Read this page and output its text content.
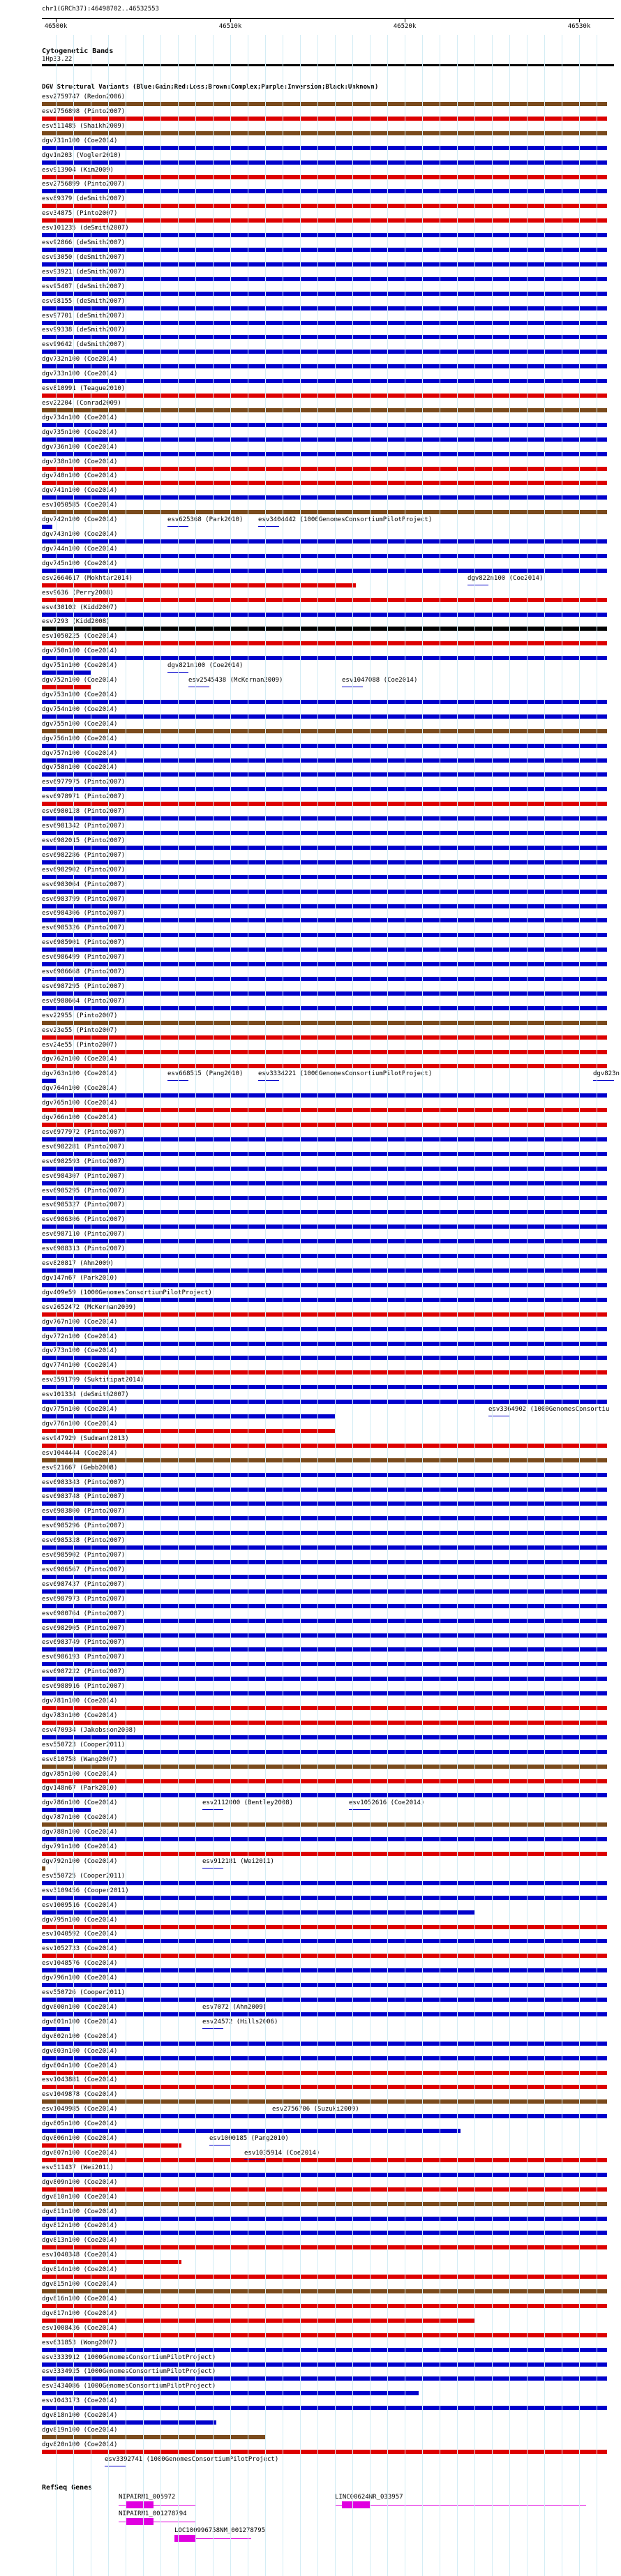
chr1(GRCh37):46498702..46532553
46500k	46510k	46520k	46530k
Cytogenetic Bands
1Hp33.22
DGV Structural Variants (Blue:Gain;Red:Loss;Brown:Complex;Purple:Inversion;Black:Unknown)
esv2759747 (Redon2006)
esv2756898 (Pinto2007)
esv511485 (Shaikh2009)
dgv731n100 (Coe2014)
dgv1n203 (Vogler2010)
esv913904 (Kim2009)
esv2756899 (Pinto2007)
esv89379 (deSmith2007)
esv34875 (Pinto2007)
esv101235 (deSmith2007)
esv92866 (deSmith2007)
esv93050 (deSmith2007)
esv93921 (deSmith2007)
esv95407 (deSmith2007)
esv98155 (deSmith2007)
esv97701 (deSmith2007)
esv99338 (deSmith2007)
esv99642 (deSmith2007)
dgv732n100 (Coe2014)
dgv733n100 (Coe2014)
esv810991 (Teague2010)
esv22204 (Conrad2009)
dgv734n100 (Coe2014)
dgv735n100 (Coe2014)
dgv736n100 (Coe2014)
dgv738n100 (Coe2014)
dgv740n100 (Coe2014)
dgv741n100 (Coe2014)
esv1050585 (Coe2014)
dgv742n100 (Coe2014)
dgv743n100 (Coe2014)
dgv744n100 (Coe2014)
dgv745n100 (Coe2014)
esv2664617 (Mokhtar2014)
esv9636 (Perry2008)
esv430102 (Kidd2007)
esv7293 (Kidd2008)
esv1050225 (Coe2014)
dgv750n100 (Coe2014)
dgv751n100 (Coe2014)
dgv752n100 (Coe2014)
dgv753n100 (Coe2014)
dgv754n100 (Coe2014)
dgv755n100 (Coe2014)
dgv756n100 (Coe2014)
dgv757n100 (Coe2014)
dgv758n100 (Coe2014)
esv6977975 (Pinto2007)
esv6978971 (Pinto2007)
esv6980128 (Pinto2007)
esv6981342 (Pinto2007)
esv6982015 (Pinto2007)
esv6982286 (Pinto2007)
esv6982902 (Pinto2007)
esv6983064 (Pinto2007)
esv6983799 (Pinto2007)
esv6984306 (Pinto2007)
esv6985326 (Pinto2007)
esv6985901 (Pinto2007)
esv6986499 (Pinto2007)
esv6986668 (Pinto2007)
esv6987295 (Pinto2007)
esv6988664 (Pinto2007)
esv22955 (Pinto2007)
esv23e55 (Pinto2007)
esv24e55 (Pinto2007)
dgv762n100 (Coe2014)
dgv763n100 (Coe2014)
dgv764n100 (Coe2014)
dgv765n100 (Coe2014)
dgv766n100 (Coe2014)
esv6977972 (Pinto2007)
esv6982281 (Pinto2007)
esv6982593 (Pinto2007)
esv6984307 (Pinto2007)
esv6985295 (Pinto2007)
esv6985327 (Pinto2007)
esv6986306 (Pinto2007)
esv6987110 (Pinto2007)
esv6988313 (Pinto2007)
esv820817 (Ahn2009)
dgv147n67 (Park2010)
dgv409e59 (1000GenomesConsortiumPilotProject)
esv2652472 (McKernan2009)
dgv767n100 (Coe2014)
dgv772n100 (Coe2014)
dgv773n100 (Coe2014)
dgv774n100 (Coe2014)
esv3591799 (Suktitipat2014)
esv101334 (deSmith2007)
dgv775n100 (Coe2014)
dgv776n100 (Coe2014)
esv947929 (Sudmant2013)
esv1044444 (Coe2014)
esv921667 (Gebb2008)
esv6983343 (Pinto2007)
esv6983748 (Pinto2007)
esv6983800 (Pinto2007)
esv6985296 (Pinto2007)
esv6985328 (Pinto2007)
esv6985902 (Pinto2007)
esv6986567 (Pinto2007)
esv6987437 (Pinto2007)
esv6987973 (Pinto2007)
esv6980764 (Pinto2007)
esv6982905 (Pinto2007)
esv6983749 (Pinto2007)
esv6986193 (Pinto2007)
esv6987222 (Pinto2007)
esv6988916 (Pinto2007)
dgv781n100 (Coe2014)
dgv783n100 (Coe2014)
esv470934 (Jakobsson2008)
esv550723 (Cooper2011)
esv810758 (Wang2007)
dgv785n100 (Coe2014)
dgv148n67 (Park2010)
dgv786n100 (Coe2014)
dgv787n100 (Coe2014)
dgv788n100 (Coe2014)
dgv791n100 (Coe2014)
dgv792n100 (Coe2014)
esv550725 (Cooper2011)
esv3109456 (Cooper2011)
esv1009516 (Coe2014)
dgv795n100 (Coe2014)
esv1040592 (Coe2014)
esv1052733 (Coe2014)
esv1048576 (Coe2014)
dgv796n100 (Coe2014)
esv550726 (Cooper2011)
dgv800n100 (Coe2014)
dgv801n100 (Coe2014)
dgv802n100 (Coe2014)
dgv803n100 (Coe2014)
dgv804n100 (Coe2014)
esv1043881 (Coe2014)
esv1049878 (Coe2014)
esv1049985 (Coe2014)
dgv805n100 (Coe2014)
dgv806n100 (Coe2014)
dgv807n100 (Coe2014)
esv511437 (Wei2011)
dgv809n100 (Coe2014)
dgv810n100 (Coe2014)
dgv811n100 (Coe2014)
dgv812n100 (Coe2014)
dgv813n100 (Coe2014)
esv1040348 (Coe2014)
dgv814n100 (Coe2014)
dgv815n100 (Coe2014)
dgv816n100 (Coe2014)
dgv817n100 (Coe2014)
esv1008436 (Coe2014)
esv631853 (Wong2007)
esv3333912 (1000GenomesConsortiumPilotProject)
esv3334925 (1000GenomesConsortiumPilotProject)
esv3434086 (1000GenomesConsortiumPilotProject)
esv1043173 (Coe2014)
dgv818n100 (Coe2014)
dgv819n100 (Coe2014)
dgv820n100 (Coe2014)
esv625368 (Park2010) esv3404442 (1000GenomesConsortiumPilotProject)
dgv822n100 (Coe2014)
dgv821n100 (Coe2014)
esv2545438 (McKernan2009)	esv1047088 (Coe2014)
esv668515 (Pang2010) esv3334221 (1000GenomesConsortiumPilotProject)	dgv823n
esv3364902 (1000GenomesConsortiu
esv2112000 (Bentley2008)	esv1052616 (Coe2014)
esv912181 (Wei2011)
esv7072 (Ahn2009)
esv24572 (Hills2006)
esv2756706 (Suzuki2009)
esv1000185 (Pang2010)
esv1035914 (Coe2014)
esv3392741 (1000GenomesConsortiumPilotProject)
RefSeq Genes
NIPAIRM1_005972
NIPAIRM1_001278794
LINC00624NR_033957
LOC100996758NM_001278795
